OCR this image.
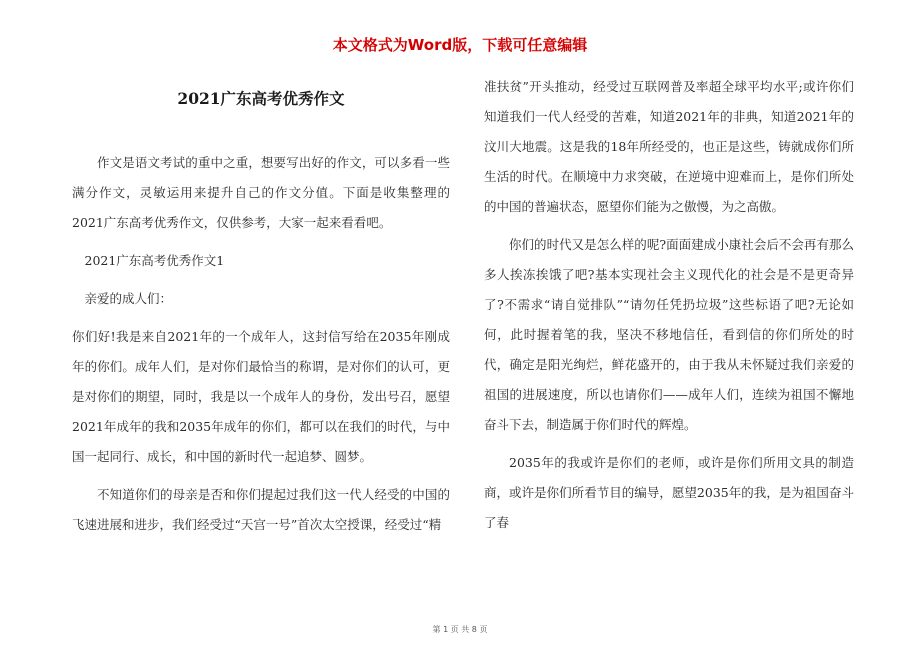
本文格式为Word版，下载可任意编辑
2021广东高考优秀作文

作文是语文考试的重中之重，想要写出好的作文，可以多看一些满分作文，灵敏运用来提升自己的作文分值。下面是收集整理的2021广东高考优秀作文，仅供参考，大家一起来看看吧。

2021广东高考优秀作文1

亲爱的成人们：

你们好!我是来自2021年的一个成年人，这封信写给在2035年刚成年的你们。成年人们，是对你们最恰当的称谓，是对你们的认可，更是对你们的期望，同时，我是以一个成年人的身份，发出号召，愿望2021年成年的我和2035年成年的你们，都可以在我们的时代，与中国一起同行、成长，和中国的新时代一起追梦、圆梦。

不知道你们的母亲是否和你们提起过我们这一代人经受的中国的飞速进展和进步，我们经受过“天宫一号”首次太空授课，经受过“精

准扶贫”开头推动，经受过互联网普及率超全球平均水平;或许你们知道我们一代人经受的苦难，知道2021年的非典，知道2021年的汶川大地震。这是我的18年所经受的，也正是这些，铸就成你们所生活的时代。在顺境中力求突破，在逆境中迎难而上，是你们所处的中国的普遍状态，愿望你们能为之傲慢，为之高傲。

你们的时代又是怎么样的呢?面面建成小康社会后不会再有那么多人挨冻挨饿了吧?基本实现社会主义现代化的社会是不是更奇异了?不需求“请自觉排队”“请勿任凭扔垃圾”这些标语了吧?无论如何，此时握着笔的我，坚决不移地信任，看到信的你们所处的时代，确定是阳光绚烂，鲜花盛开的，由于我从未怀疑过我们亲爱的祖国的进展速度，所以也请你们——成年人们，连续为祖国不懈地奋斗下去，制造属于你们时代的辉煌。

2035年的我或许是你们的老师，或许是你们所用文具的制造商，或许是你们所看节目的编导，愿望2035年的我，是为祖国奋斗了春

第 1 页 共 8 页
